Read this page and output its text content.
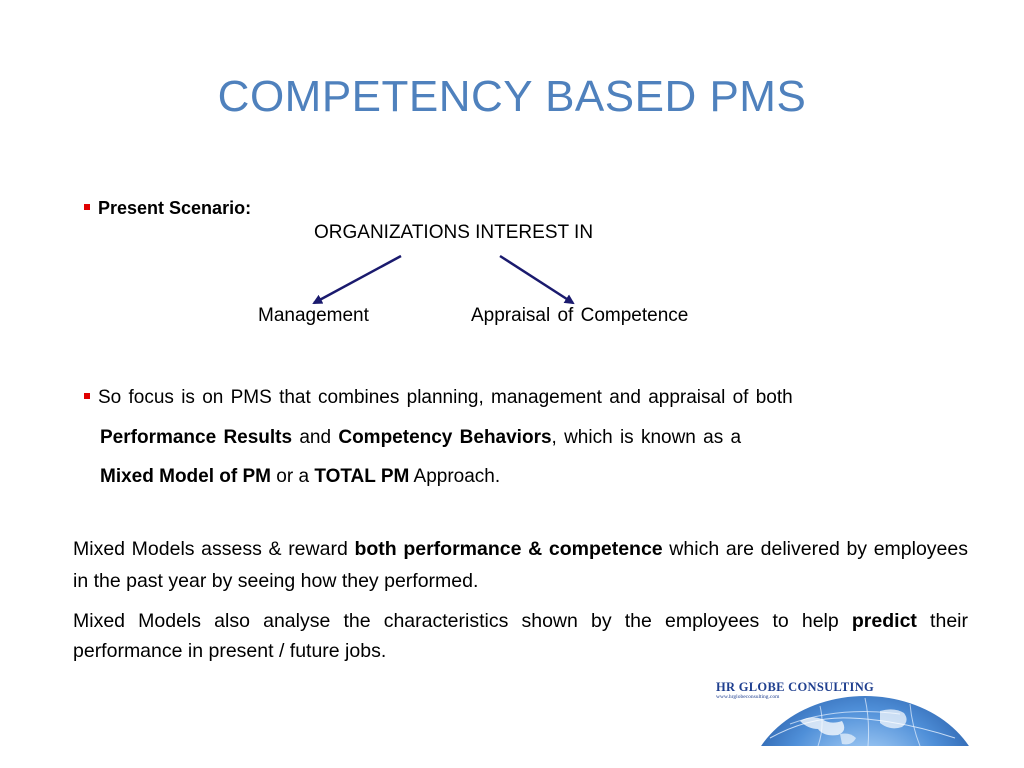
COMPETENCY BASED PMS
Present Scenario:
ORGANIZATIONS INTEREST IN
Management	Appraisal of Competence
So focus is on PMS that combines planning, management and appraisal of both
Performance Results and Competency Behaviors, which is known as a
Mixed Model of PM or a TOTAL PM Approach.
Mixed Models assess & reward both performance & competence which are delivered by employees in the past year by seeing how they performed.
Mixed Models also analyse the characteristics shown by the employees to help predict their performance in present / future jobs.
HR GLOBE CONSULTING
www.hrglobeconsulting.com
